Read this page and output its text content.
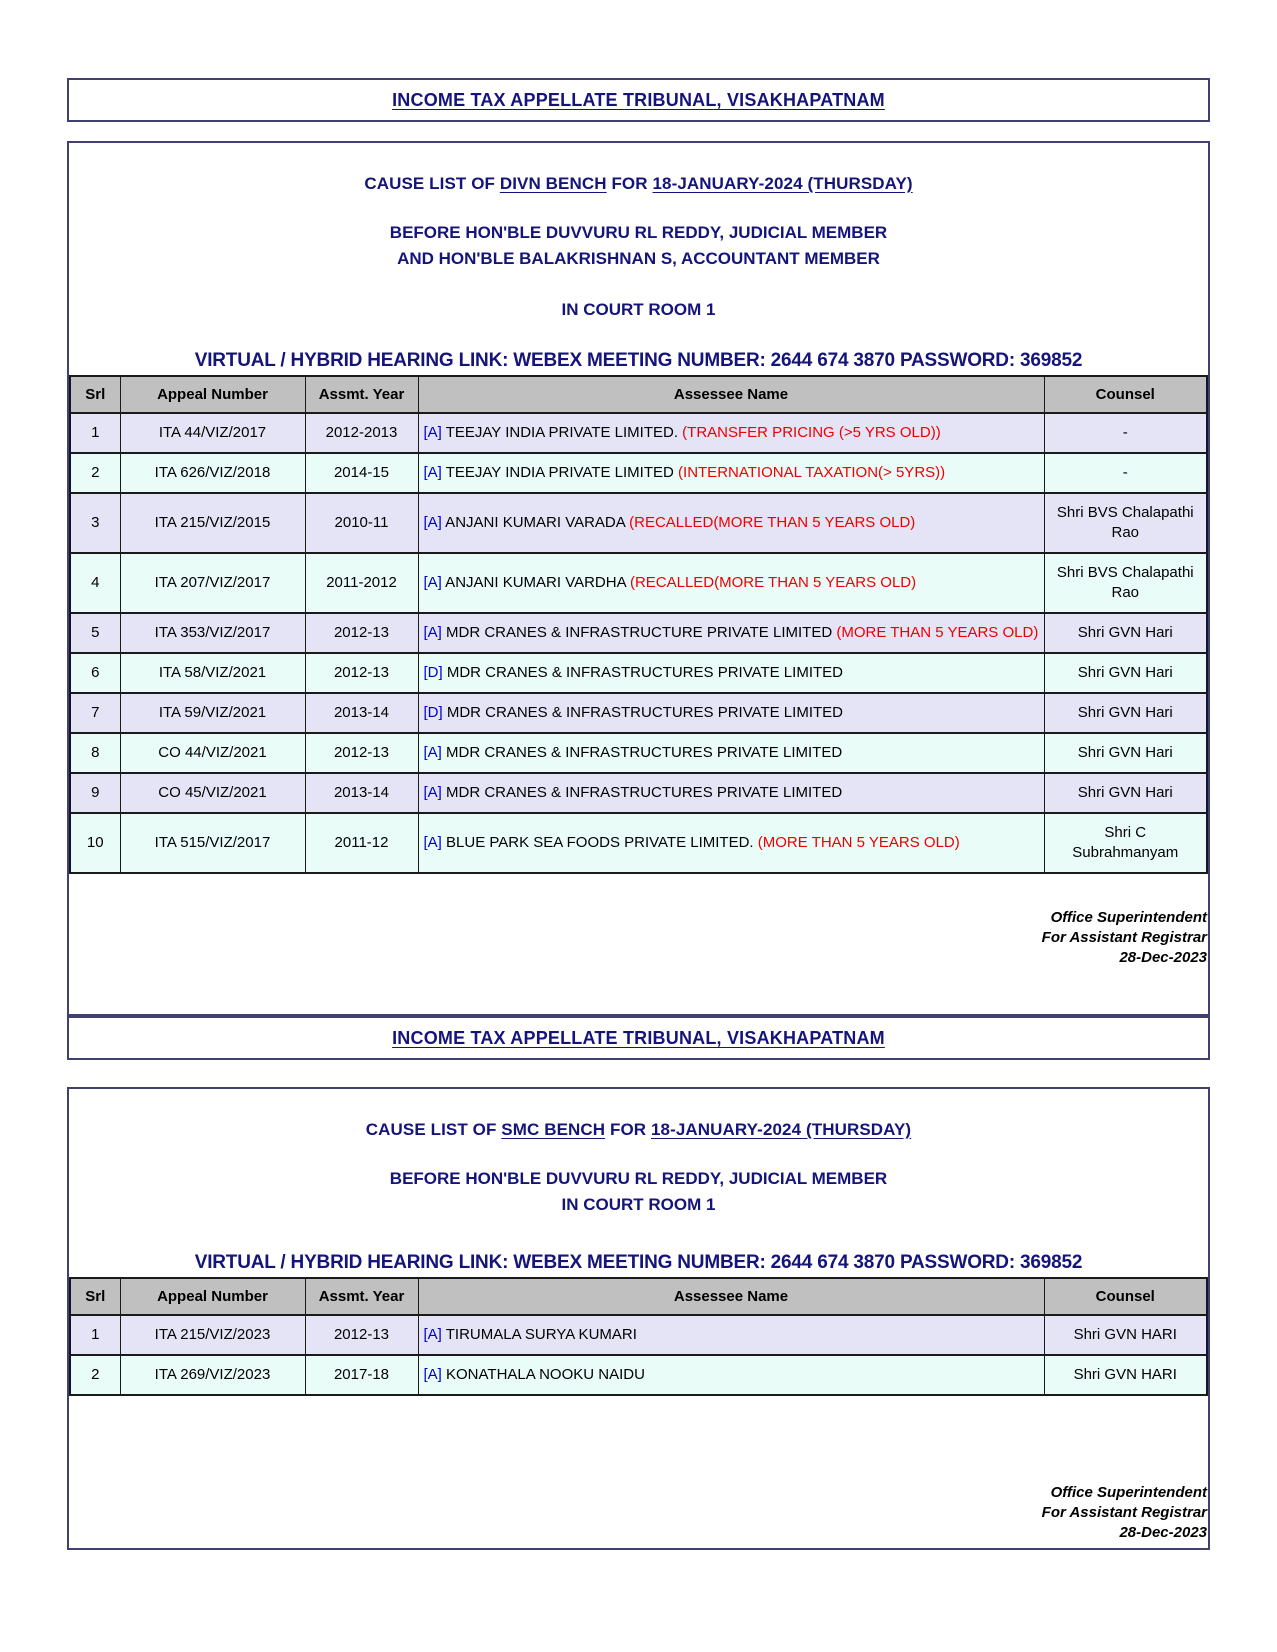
INCOME TAX APPELLATE TRIBUNAL, VISAKHAPATNAM
CAUSE LIST OF DIVN BENCH FOR 18-JANUARY-2024 (THURSDAY)
BEFORE HON'BLE DUVVURU RL REDDY, JUDICIAL MEMBER
AND HON'BLE BALAKRISHNAN S, ACCOUNTANT MEMBER
IN COURT ROOM 1
VIRTUAL / HYBRID HEARING LINK: WEBEX MEETING NUMBER: 2644 674 3870 PASSWORD: 369852
Srl	Appeal Number	Assmt. Year	Assessee Name	Counsel
1	ITA 44/VIZ/2017	2012-2013	[A] TEEJAY INDIA PRIVATE LIMITED. (TRANSFER PRICING (>5 YRS OLD))	-
2	ITA 626/VIZ/2018	2014-15	[A] TEEJAY INDIA PRIVATE LIMITED (INTERNATIONAL TAXATION(> 5YRS))	-
3	ITA 215/VIZ/2015	2010-11	[A] ANJANI KUMARI VARADA (RECALLED(MORE THAN 5 YEARS OLD)	Shri BVS Chalapathi Rao
4	ITA 207/VIZ/2017	2011-2012	[A] ANJANI KUMARI VARDHA (RECALLED(MORE THAN 5 YEARS OLD)	Shri BVS Chalapathi Rao
5	ITA 353/VIZ/2017	2012-13	[A] MDR CRANES & INFRASTRUCTURE PRIVATE LIMITED (MORE THAN 5 YEARS OLD)	Shri GVN Hari
6	ITA 58/VIZ/2021	2012-13	[D] MDR CRANES & INFRASTRUCTURES PRIVATE LIMITED	Shri GVN Hari
7	ITA 59/VIZ/2021	2013-14	[D] MDR CRANES & INFRASTRUCTURES PRIVATE LIMITED	Shri GVN Hari
8	CO 44/VIZ/2021	2012-13	[A] MDR CRANES & INFRASTRUCTURES PRIVATE LIMITED	Shri GVN Hari
9	CO 45/VIZ/2021	2013-14	[A] MDR CRANES & INFRASTRUCTURES PRIVATE LIMITED	Shri GVN Hari
10	ITA 515/VIZ/2017	2011-12	[A] BLUE PARK SEA FOODS PRIVATE LIMITED. (MORE THAN 5 YEARS OLD)	Shri C Subrahmanyam
Office Superintendent
For Assistant Registrar
28-Dec-2023
INCOME TAX APPELLATE TRIBUNAL, VISAKHAPATNAM
CAUSE LIST OF SMC BENCH FOR 18-JANUARY-2024 (THURSDAY)
BEFORE HON'BLE DUVVURU RL REDDY, JUDICIAL MEMBER
IN COURT ROOM 1
VIRTUAL / HYBRID HEARING LINK: WEBEX MEETING NUMBER: 2644 674 3870 PASSWORD: 369852
Srl	Appeal Number	Assmt. Year	Assessee Name	Counsel
1	ITA 215/VIZ/2023	2012-13	[A] TIRUMALA SURYA KUMARI	Shri GVN HARI
2	ITA 269/VIZ/2023	2017-18	[A] KONATHALA NOOKU NAIDU	Shri GVN HARI
Office Superintendent
For Assistant Registrar
28-Dec-2023
